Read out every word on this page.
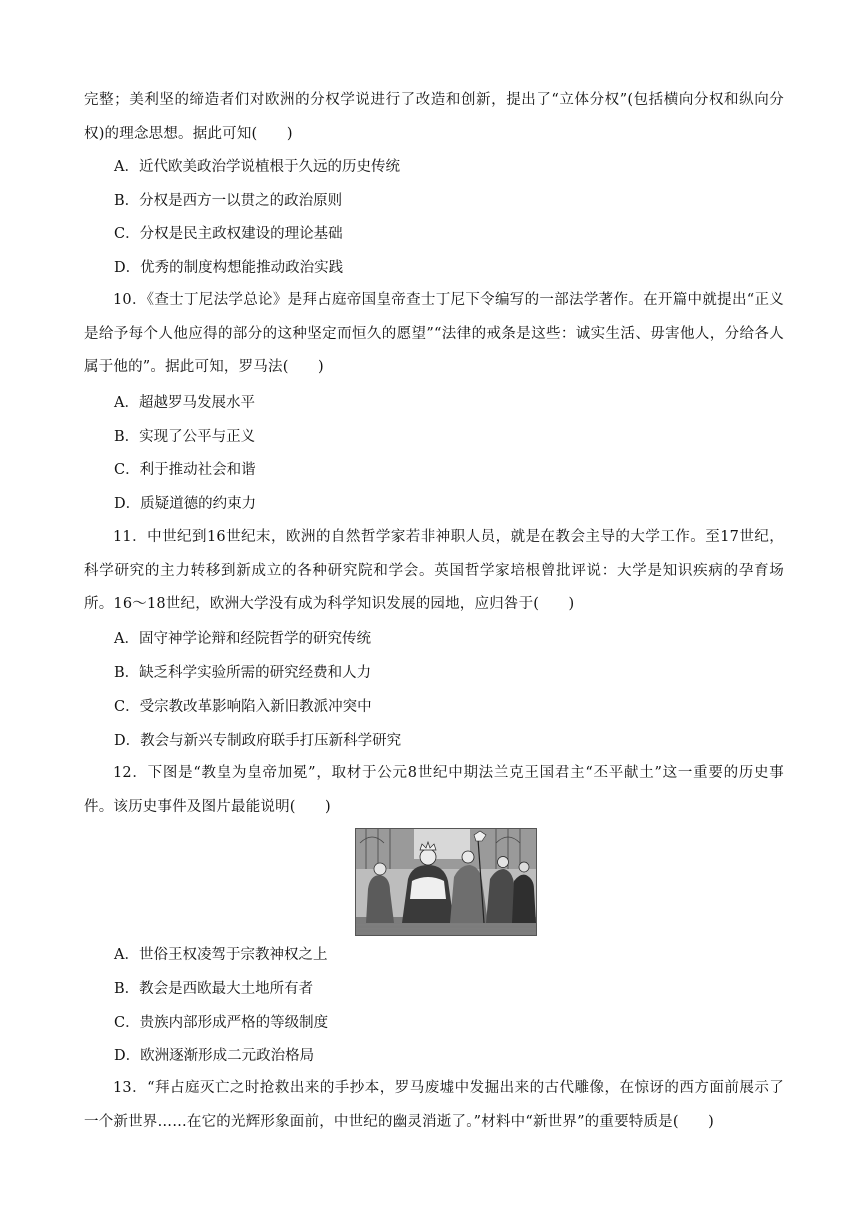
完整；美利坚的缔造者们对欧洲的分权学说进行了改造和创新，提出了“立体分权”(包括横向分权和纵向分权)的理念思想。据此可知(　　)

A．近代欧美政治学说植根于久远的历史传统

B．分权是西方一以贯之的政治原则

C．分权是民主政权建设的理论基础

D．优秀的制度构想能推动政治实践

10．《查士丁尼法学总论》是拜占庭帝国皇帝查士丁尼下令编写的一部法学著作。在开篇中就提出“正义是给予每个人他应得的部分的这种坚定而恒久的愿望”“法律的戒条是这些：诚实生活、毋害他人，分给各人属于他的”。据此可知，罗马法(　　)

A．超越罗马发展水平

B．实现了公平与正义

C．利于推动社会和谐

D．质疑道德的约束力

11．中世纪到16世纪末，欧洲的自然哲学家若非神职人员，就是在教会主导的大学工作。至17世纪，科学研究的主力转移到新成立的各种研究院和学会。英国哲学家培根曾批评说：大学是知识疾病的孕育场所。16～18世纪，欧洲大学没有成为科学知识发展的园地，应归咎于(　　)

A．固守神学论辩和经院哲学的研究传统

B．缺乏科学实验所需的研究经费和人力

C．受宗教改革影响陷入新旧教派冲突中

D．教会与新兴专制政府联手打压新科学研究

12．下图是“教皇为皇帝加冕”，取材于公元8世纪中期法兰克王国君主“丕平献土”这一重要的历史事件。该历史事件及图片最能说明(　　)

A．世俗王权凌驾于宗教神权之上

B．教会是西欧最大土地所有者

C．贵族内部形成严格的等级制度

D．欧洲逐渐形成二元政治格局

13．“拜占庭灭亡之时抢救出来的手抄本，罗马废墟中发掘出来的古代雕像，在惊讶的西方面前展示了一个新世界……在它的光辉形象面前，中世纪的幽灵消逝了。”材料中“新世界”的重要特质是(　　)
